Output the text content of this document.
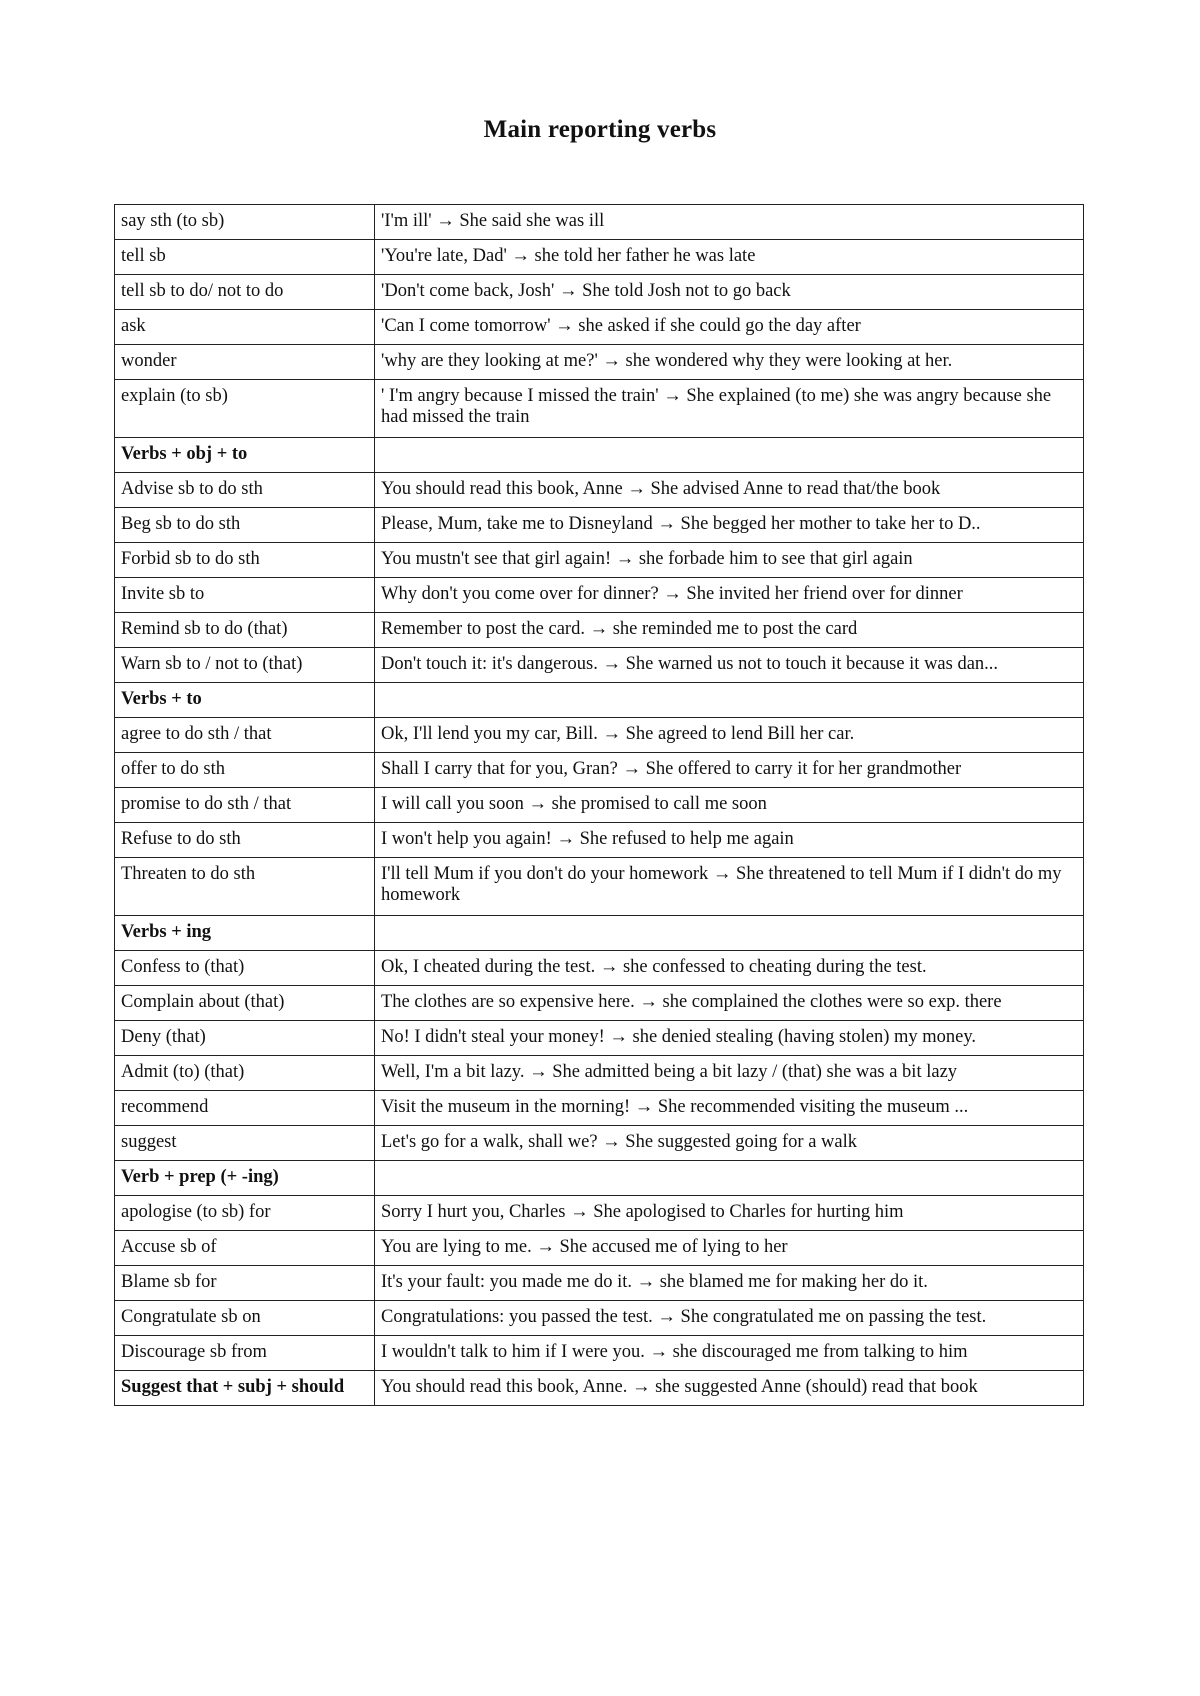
Main reporting verbs
say sth (to sb)	'I'm ill' → She said she was ill
tell sb	'You're late, Dad' → she told her father he was late
tell sb to do/ not to do	'Don't come back, Josh' → She told Josh not to go back
ask	'Can I come tomorrow' → she asked if she could go the day after
wonder	'why are they looking at me?' → she wondered why they were looking at her.
explain (to sb)	' I'm angry because I missed the train' → She explained (to me) she was angry because she had missed the train
Verbs + obj + to	
Advise sb to do sth	You should read this book, Anne → She advised Anne to read that/the book
Beg sb to do sth	Please, Mum, take me to Disneyland → She begged her mother to take her to D..
Forbid sb to do sth	You mustn't see that girl again! → she forbade him to see that girl again
Invite sb to	Why don't you come over for dinner? → She invited her friend over for dinner
Remind sb to do (that)	Remember to post the card. → she reminded me to post the card
Warn sb to / not to (that)	Don't touch it: it's dangerous. → She warned us not to touch it because it was dan...
Verbs + to	
agree to do sth / that	Ok, I'll lend you my car, Bill. → She agreed to lend Bill her car.
offer to do sth	Shall I carry that for you, Gran? → She offered to carry it for her grandmother
promise to do sth / that	I will call you soon → she promised to call me soon
Refuse to do sth	I won't help you again! → She refused to help me again
Threaten to do sth	I'll tell Mum if you don't do your homework → She threatened to tell Mum if I didn't do my homework
Verbs + ing	
Confess to (that)	Ok, I cheated during the test. → she confessed to cheating during the test.
Complain about (that)	The clothes are so expensive here. → she complained the clothes were so exp. there
Deny (that)	No! I didn't steal your money! → she denied stealing (having stolen) my money.
Admit (to) (that)	Well, I'm a bit lazy. → She admitted being a bit lazy / (that) she was a bit lazy
recommend	Visit the museum in the morning! → She recommended visiting the museum ...
suggest	Let's go for a walk, shall we? → She suggested going for a walk
Verb + prep (+ -ing)	
apologise (to sb) for	Sorry I hurt you, Charles → She apologised to Charles for hurting him
Accuse sb of	You are lying to me. → She accused me of lying to her
Blame sb for	It's your fault: you made me do it. → she blamed me for making her do it.
Congratulate sb on	Congratulations: you passed the test. → She congratulated me on passing the test.
Discourage sb from	I wouldn't talk to him if I were you. → she discouraged me from talking to him
Suggest that + subj + should	You should read this book, Anne. → she suggested Anne (should) read that book
